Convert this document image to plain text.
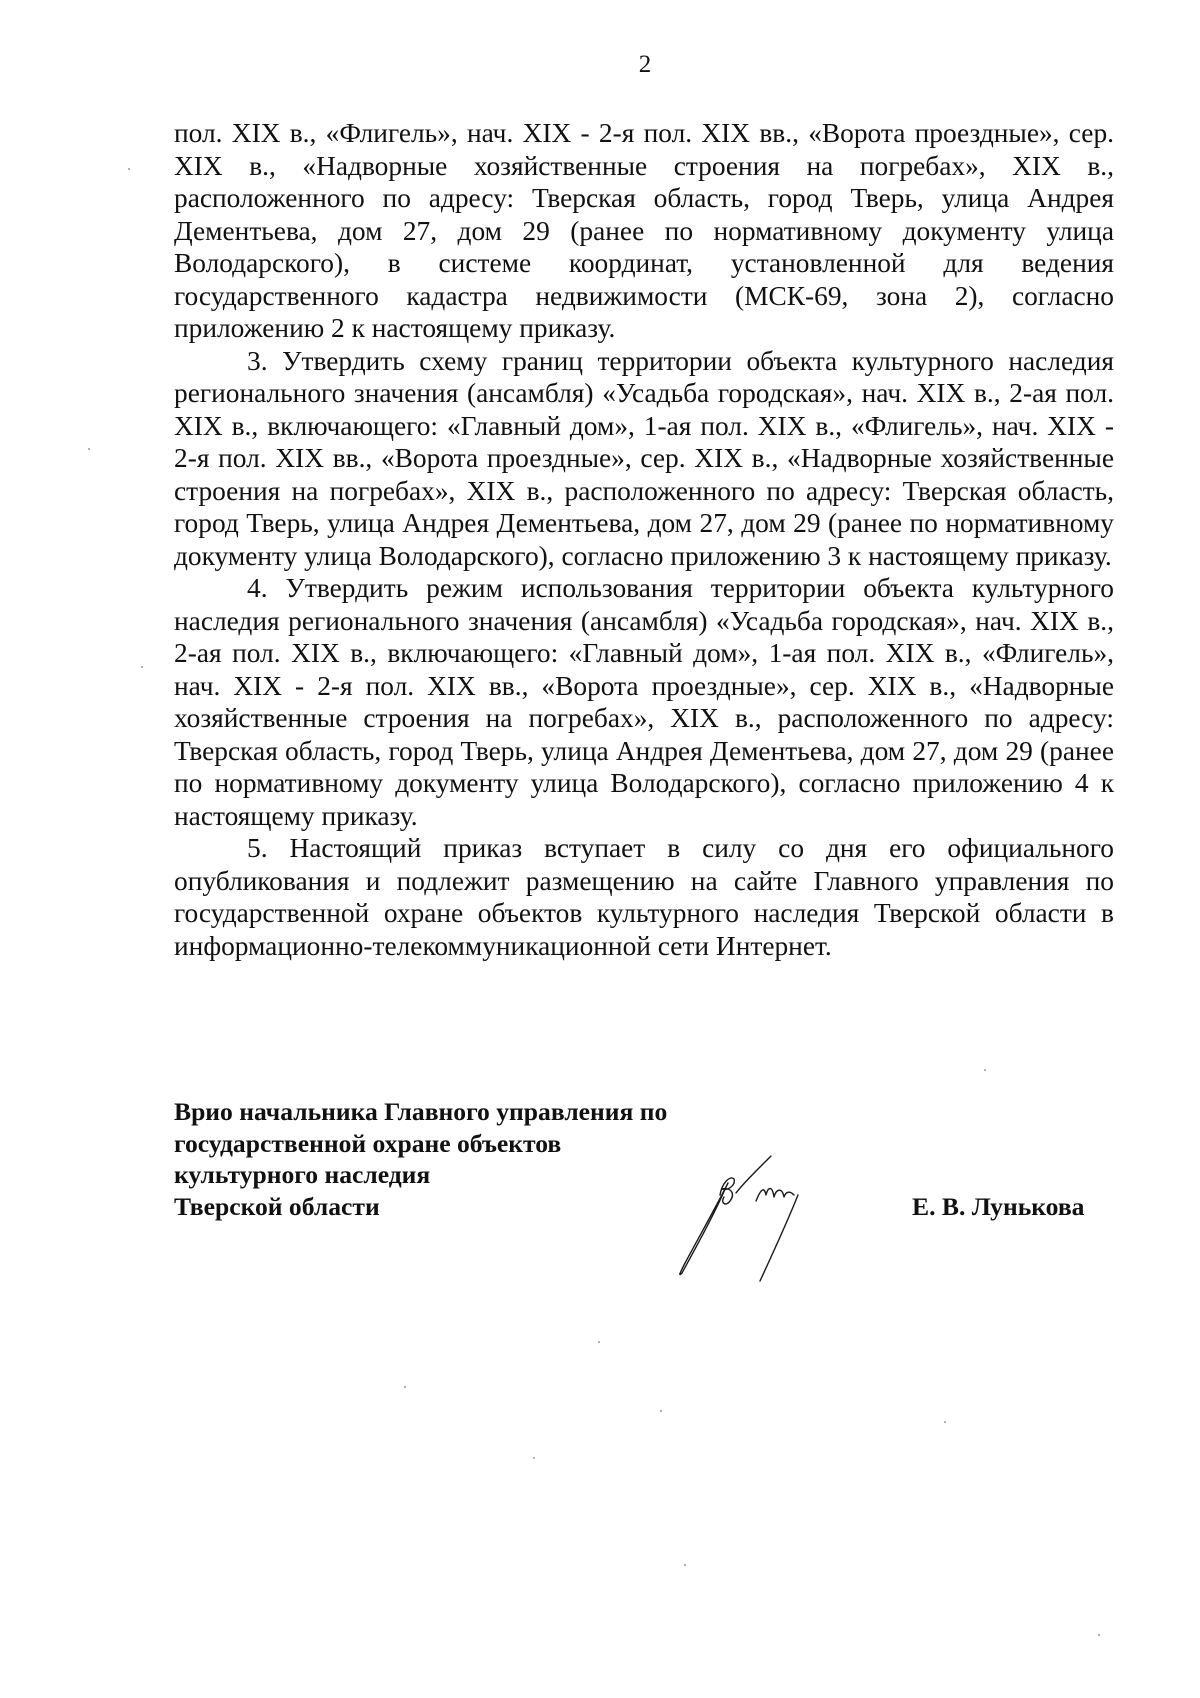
2

пол. XIX в., «Флигель», нач. XIX - 2-я пол. XIX вв., «Ворота проездные», сер. XIX в., «Надворные хозяйственные строения на погребах», XIX в., расположенного по адресу: Тверская область, город Тверь, улица Андрея Дементьева, дом 27, дом 29 (ранее по нормативному документу улица Володарского), в системе координат, установленной для ведения государственного кадастра недвижимости (МСК-69, зона 2), согласно приложению 2 к настоящему приказу.

3. Утвердить схему границ территории объекта культурного наследия регионального значения (ансамбля) «Усадьба городская», нач. XIX в., 2-ая пол. XIX в., включающего: «Главный дом», 1-ая пол. XIX в., «Флигель», нач. XIX - 2-я пол. XIX вв., «Ворота проездные», сер. XIX в., «Надворные хозяйственные строения на погребах», XIX в., расположенного по адресу: Тверская область, город Тверь, улица Андрея Дементьева, дом 27, дом 29 (ранее по нормативному документу улица Володарского), согласно приложению 3 к настоящему приказу.

4. Утвердить режим использования территории объекта культурного наследия регионального значения (ансамбля) «Усадьба городская», нач. XIX в., 2-ая пол. XIX в., включающего: «Главный дом», 1-ая пол. XIX в., «Флигель», нач. XIX - 2-я пол. XIX вв., «Ворота проездные», сер. XIX в., «Надворные хозяйственные строения на погребах», XIX в., расположенного по адресу: Тверская область, город Тверь, улица Андрея Дементьева, дом 27, дом 29 (ранее по нормативному документу улица Володарского), согласно приложению 4 к настоящему приказу.

5. Настоящий приказ вступает в силу со дня его официального опубликования и подлежит размещению на сайте Главного управления по государственной охране объектов культурного наследия Тверской области в информационно-телекоммуникационной сети Интернет.

Врио начальника Главного управления по
государственной охране объектов
культурного наследия
Тверской области	Е. В. Лунькова
